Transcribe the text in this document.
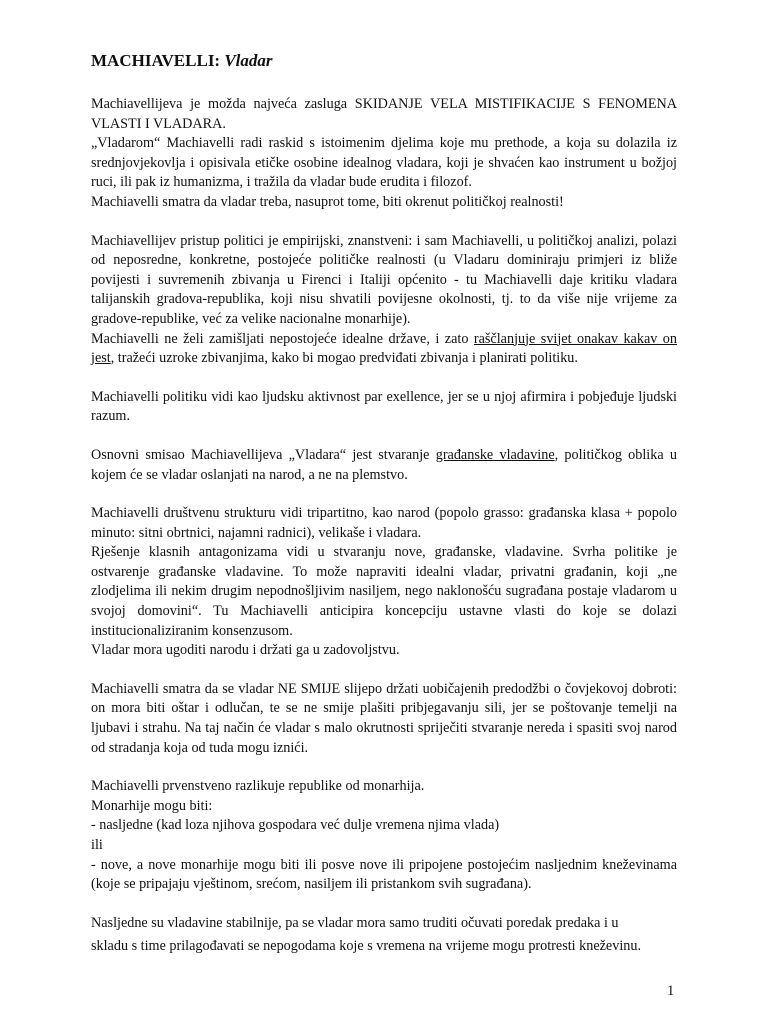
MACHIAVELLI: Vladar

Machiavellijeva je možda najveća zasluga SKIDANJE VELA MISTIFIKACIJE S FENOMENA VLASTI I VLADARA.

„Vladarom“ Machiavelli radi raskid s istoimenim djelima koje mu prethode, a koja su dolazila iz srednjovjekovlja i opisivala etičke osobine idealnog vladara, koji je shvaćen kao instrument u božjoj ruci, ili pak iz humanizma, i tražila da vladar bude erudita i filozof.

Machiavelli smatra da vladar treba, nasuprot tome, biti okrenut političkoj realnosti!

Machiavellijev pristup politici je empirijski, znanstveni: i sam Machiavelli, u političkoj analizi, polazi od neposredne, konkretne, postojeće političke realnosti (u Vladaru dominiraju primjeri iz bliže povijesti i suvremenih zbivanja u Firenci i Italiji općenito - tu Machiavelli daje kritiku vladara talijanskih gradova-republika, koji nisu shvatili povijesne okolnosti, tj. to da više nije vrijeme za gradove-republike, već za velike nacionalne monarhije).

Machiavelli ne želi zamišljati nepostojeće idealne države, i zato raščlanjuje svijet onakav kakav on jest, tražeći uzroke zbivanjima, kako bi mogao predviđati zbivanja i planirati politiku.

Machiavelli politiku vidi kao ljudsku aktivnost par exellence, jer se u njoj afirmira i pobjeđuje ljudski razum.

Osnovni smisao Machiavellijeva „Vladara“ jest stvaranje građanske vladavine, političkog oblika u kojem će se vladar oslanjati na narod, a ne na plemstvo.

Machiavelli društvenu strukturu vidi tripartitno, kao narod (popolo grasso: građanska klasa + popolo minuto: sitni obrtnici, najamni radnici), velikaše i vladara.

Rješenje klasnih antagonizama vidi u stvaranju nove, građanske, vladavine. Svrha politike je ostvarenje građanske vladavine. To može napraviti idealni vladar, privatni građanin, koji „ne zlodjelima ili nekim drugim nepodnošljivim nasiljem, nego naklonošću sugrađana postaje vladarom u svojoj domovini“. Tu Machiavelli anticipira koncepciju ustavne vlasti do koje se dolazi institucionaliziranim konsenzusom.

Vladar mora ugoditi narodu i držati ga u zadovoljstvu.

Machiavelli smatra da se vladar NE SMIJE slijepo držati uobičajenih predodžbi o čovjekovoj dobroti: on mora biti oštar i odlučan, te se ne smije plašiti pribjegavanju sili, jer se poštovanje temelji na ljubavi i strahu. Na taj način će vladar s malo okrutnosti spriječiti stvaranje nereda i spasiti svoj narod od stradanja koja od tuda mogu iznići.

Machiavelli prvenstveno razlikuje republike od monarhija.

Monarhije mogu biti:

- nasljedne (kad loza njihova gospodara već dulje vremena njima vlada)

ili

- nove, a nove monarhije mogu biti ili posve nove ili pripojene postojećim nasljednim kneževinama (koje se pripajaju vještinom, srećom, nasiljem ili pristankom svih sugrađana).

Nasljedne su vladavine stabilnije, pa se vladar mora samo truditi očuvati poredak predaka i u

skladu s time prilagođavati se nepogodama koje s vremena na vrijeme mogu protresti kneževinu.

1
